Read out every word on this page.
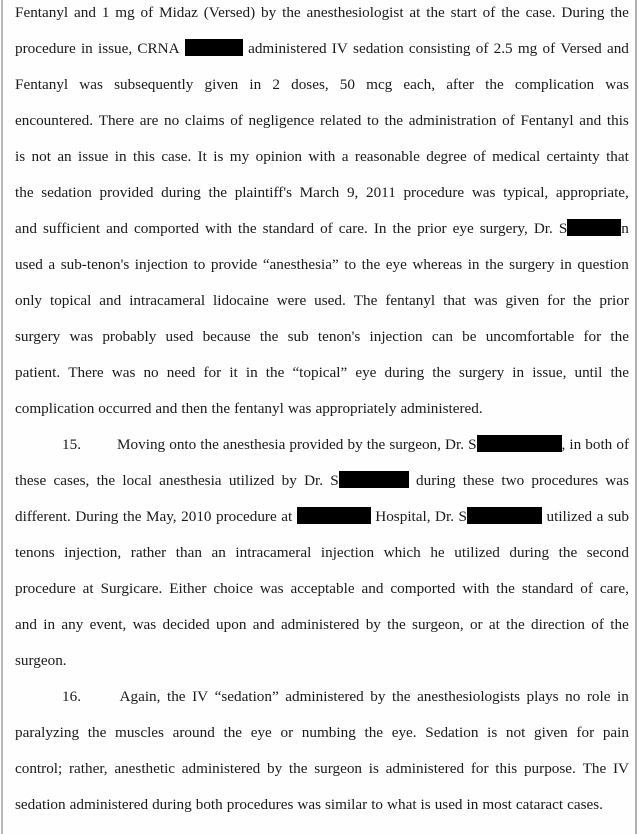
Fentanyl and 1 mg of Midaz (Versed) by the anesthesiologist at the start of the case. During the
procedure in issue, CRNA	administered IV sedation consisting of 2.5 mg of Versed and
Fentanyl was subsequently given in 2 doses, 50 mcg each, after the complication was
encountered. There are no claims of negligence related to the administration of Fentanyl and this
is not an issue in this case. It is my opinion with a reasonable degree of medical certainty that
the sedation provided during the plaintiff's March 9, 2011 procedure was typical, appropriate,
and sufficient and comported with the standard of care. In the prior eye surgery, Dr. S	n
used a sub-tenon's injection to provide “anesthesia” to the eye whereas in the surgery in question
only topical and intracameral lidocaine were used. The fentanyl that was given for the prior
surgery was probably used because the sub tenon's injection can be uncomfortable for the
patient. There was no need for it in the “topical” eye during the surgery in issue, until the
complication occurred and then the fentanyl was appropriately administered.
15. Moving onto the anesthesia provided by the surgeon, Dr. S	, in both of
these cases, the local anesthesia utilized by Dr. S	during these two procedures was
different. During the May, 2010 procedure at	Hospital, Dr. S	utilized a sub
tenons injection, rather than an intracameral injection which he utilized during the second
procedure at Surgicare. Either choice was acceptable and comported with the standard of care,
and in any event, was decided upon and administered by the surgeon, or at the direction of the
surgeon.
16.	Again, the IV “sedation” administered by the anesthesiologists plays no role in
paralyzing the muscles around the eye or numbing the eye. Sedation is not given for pain
control; rather, anesthetic administered by the surgeon is administered for this purpose. The IV
sedation administered during both procedures was similar to what is used in most cataract cases.
